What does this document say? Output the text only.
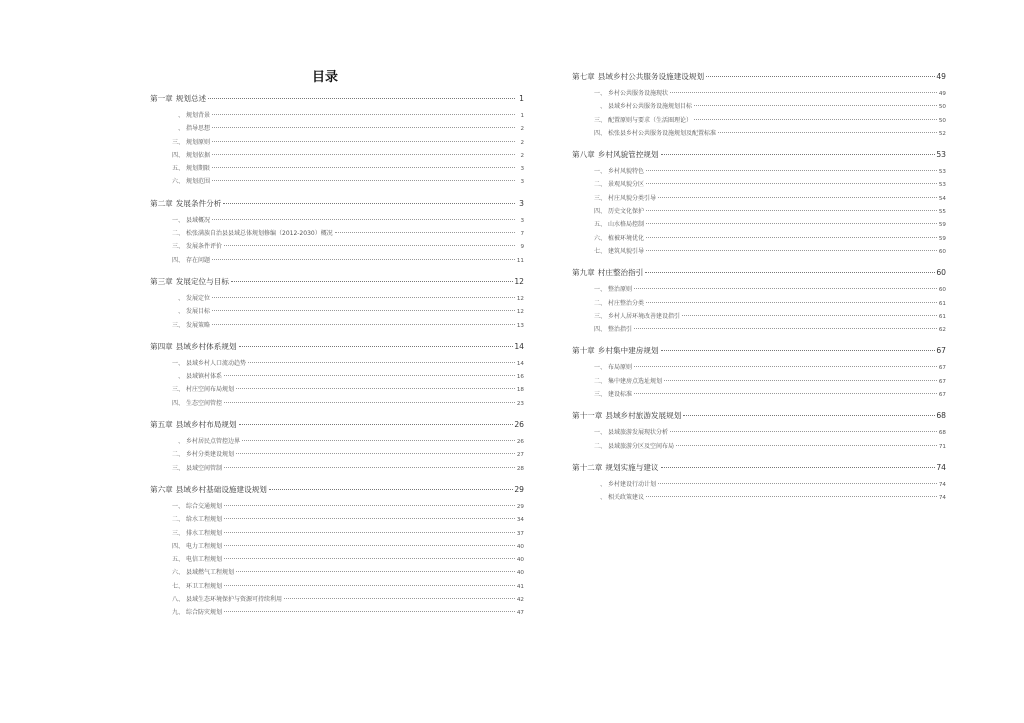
目录
第一章 规划总述	1
、 规划背景	1
、 指导思想	2
三、 规划原则	2
四、 规划依据	2
五、 规划期限	3
六、 规划范围	3
第二章 发展条件分析	3
一、 县域概况	3
二、 松张满族自治县县域总体规划修编（2012-2030）概况	7
三、 发展条件评价	9
四、 存在问题	11
第三章 发展定位与目标	12
、 发展定位	12
、 发展目标	12
三、 发展策略	13
第四章 县域乡村体系规划	14
一、 县域乡村人口流动趋势	14
、 县域镇村体系	16
三、 村庄空间布局规划	18
四、 生态空间管控	23
第五章 县域乡村布局规划	26
、 乡村居民点管控边界	26
二、 乡村分类建设规划	27
三、 县域空间管制	28
第六章 县域乡村基础设施建设规划	29
一、 综合交通规划	29
二、 给水工程规划	34
三、 排水工程规划	37
四、 电力工程规划	40
五、 电信工程规划	40
六、 县域燃气工程规划	40
七、 环卫工程规划	41
八、 县域生态环境保护与资源可持续利用	42
九、 综合防灾规划	47
第七章 县域乡村公共服务设施建设规划	49
一、 乡村公共服务设施现状	49
、 县域乡村公共服务设施规划目标	50
三、 配置原则与要求（生活圈理论）	50
四、 松张县乡村公共服务设施规划及配置标准	52
第八章 乡村风貌管控规划	53
一、 乡村风貌特色	53
二、 景观风貌分区	53
三、 村庄风貌分类引导	54
四、 历史文化保护	55
五、 山水格局控制	59
六、 植被环境优化	59
七、 建筑风貌引导	60
第九章 村庄整治指引	60
一、 整治原则	60
二、 村庄整治分类	61
三、 乡村人居环境改善建设指引	61
四、 整治指引	62
第十章 乡村集中建房规划	67
一、 布局原则	67
二、 集中建房点选址规划	67
三、 建设标准	67
第十一章 县域乡村旅游发展规划	68
一、 县域旅游发展现状分析	68
二、 县域旅游分区及空间布局	71
第十二章 规划实施与建议	74
、 乡村建设行动计划	74
、 相关政策建议	74
